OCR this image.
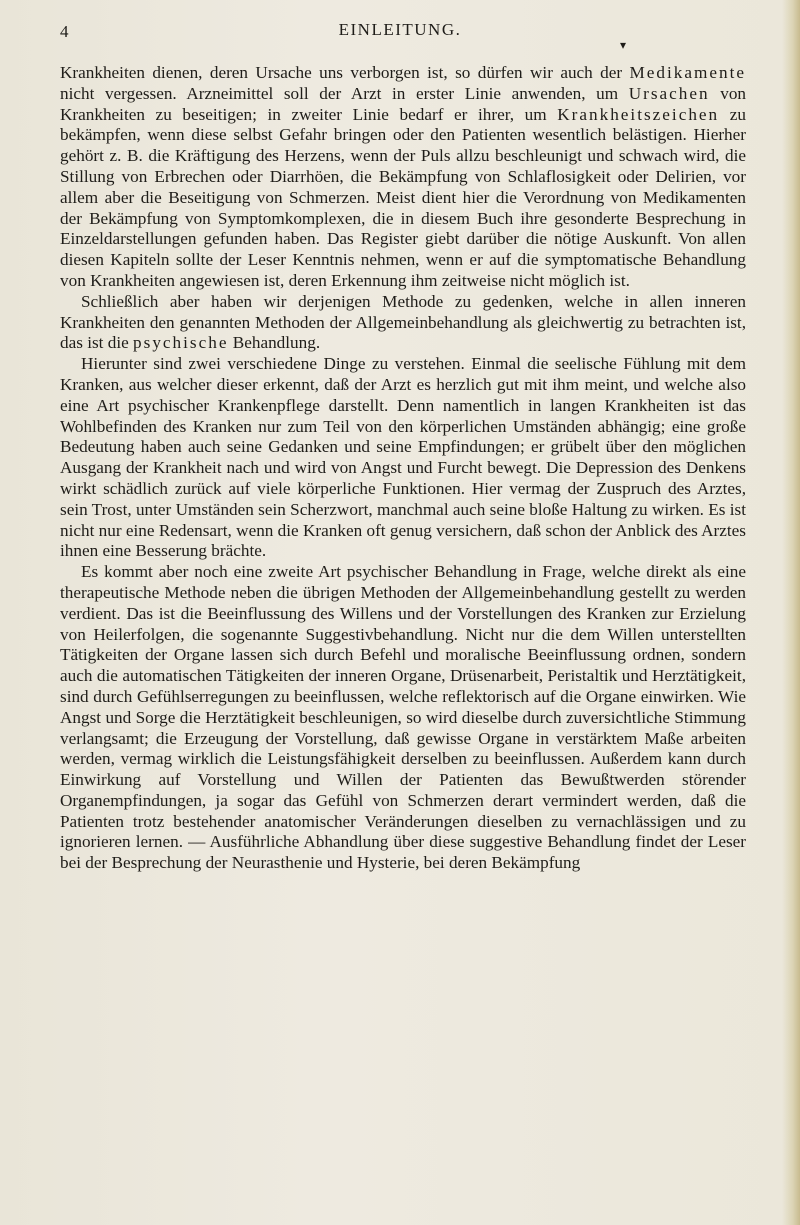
4	EINLEITUNG.
▾

Krankheiten dienen, deren Ursache uns verborgen ist, so dürfen wir auch der Medikamente nicht vergessen. Arzneimittel soll der Arzt in erster Linie anwenden, um Ursachen von Krankheiten zu beseitigen; in zweiter Linie bedarf er ihrer, um Krankheitszeichen zu bekämpfen, wenn diese selbst Gefahr bringen oder den Patienten wesentlich belästigen. Hierher gehört z. B. die Kräftigung des Herzens, wenn der Puls allzu beschleunigt und schwach wird, die Stillung von Erbrechen oder Diarrhöen, die Bekämpfung von Schlaflosigkeit oder Delirien, vor allem aber die Beseitigung von Schmerzen. Meist dient hier die Verordnung von Medikamenten der Bekämpfung von Symptomkomplexen, die in diesem Buch ihre gesonderte Besprechung in Einzeldarstellungen gefunden haben. Das Register giebt darüber die nötige Auskunft. Von allen diesen Kapiteln sollte der Leser Kenntnis nehmen, wenn er auf die symptomatische Behandlung von Krankheiten angewiesen ist, deren Erkennung ihm zeitweise nicht möglich ist.

Schließlich aber haben wir derjenigen Methode zu gedenken, welche in allen inneren Krankheiten den genannten Methoden der Allgemeinbehandlung als gleichwertig zu betrachten ist, das ist die psychische Behandlung.

Hierunter sind zwei verschiedene Dinge zu verstehen. Einmal die seelische Fühlung mit dem Kranken, aus welcher dieser erkennt, daß der Arzt es herzlich gut mit ihm meint, und welche also eine Art psychischer Krankenpflege darstellt. Denn namentlich in langen Krankheiten ist das Wohlbefinden des Kranken nur zum Teil von den körperlichen Umständen abhängig; eine große Bedeutung haben auch seine Gedanken und seine Empfindungen; er grübelt über den möglichen Ausgang der Krankheit nach und wird von Angst und Furcht bewegt. Die Depression des Denkens wirkt schädlich zurück auf viele körperliche Funktionen. Hier vermag der Zuspruch des Arztes, sein Trost, unter Umständen sein Scherzwort, manchmal auch seine bloße Haltung zu wirken. Es ist nicht nur eine Redensart, wenn die Kranken oft genug versichern, daß schon der Anblick des Arztes ihnen eine Besserung brächte.

Es kommt aber noch eine zweite Art psychischer Behandlung in Frage, welche direkt als eine therapeutische Methode neben die übrigen Methoden der Allgemeinbehandlung gestellt zu werden verdient. Das ist die Beeinflussung des Willens und der Vorstellungen des Kranken zur Erzielung von Heilerfolgen, die sogenannte Suggestivbehandlung. Nicht nur die dem Willen unterstellten Tätigkeiten der Organe lassen sich durch Befehl und moralische Beeinflussung ordnen, sondern auch die automatischen Tätigkeiten der inneren Organe, Drüsenarbeit, Peristaltik und Herztätigkeit, sind durch Gefühlserregungen zu beeinflussen, welche reflektorisch auf die Organe einwirken. Wie Angst und Sorge die Herztätigkeit beschleunigen, so wird dieselbe durch zuversichtliche Stimmung verlangsamt; die Erzeugung der Vorstellung, daß gewisse Organe in verstärktem Maße arbeiten werden, vermag wirklich die Leistungsfähigkeit derselben zu beeinflussen. Außerdem kann durch Einwirkung auf Vorstellung und Willen der Patienten das Bewußtwerden störender Organempfindungen, ja sogar das Gefühl von Schmerzen derart vermindert werden, daß die Patienten trotz bestehender anatomischer Veränderungen dieselben zu vernachlässigen und zu ignorieren lernen. — Ausführliche Abhandlung über diese suggestive Behandlung findet der Leser bei der Besprechung der Neurasthenie und Hysterie, bei deren Bekämpfung
